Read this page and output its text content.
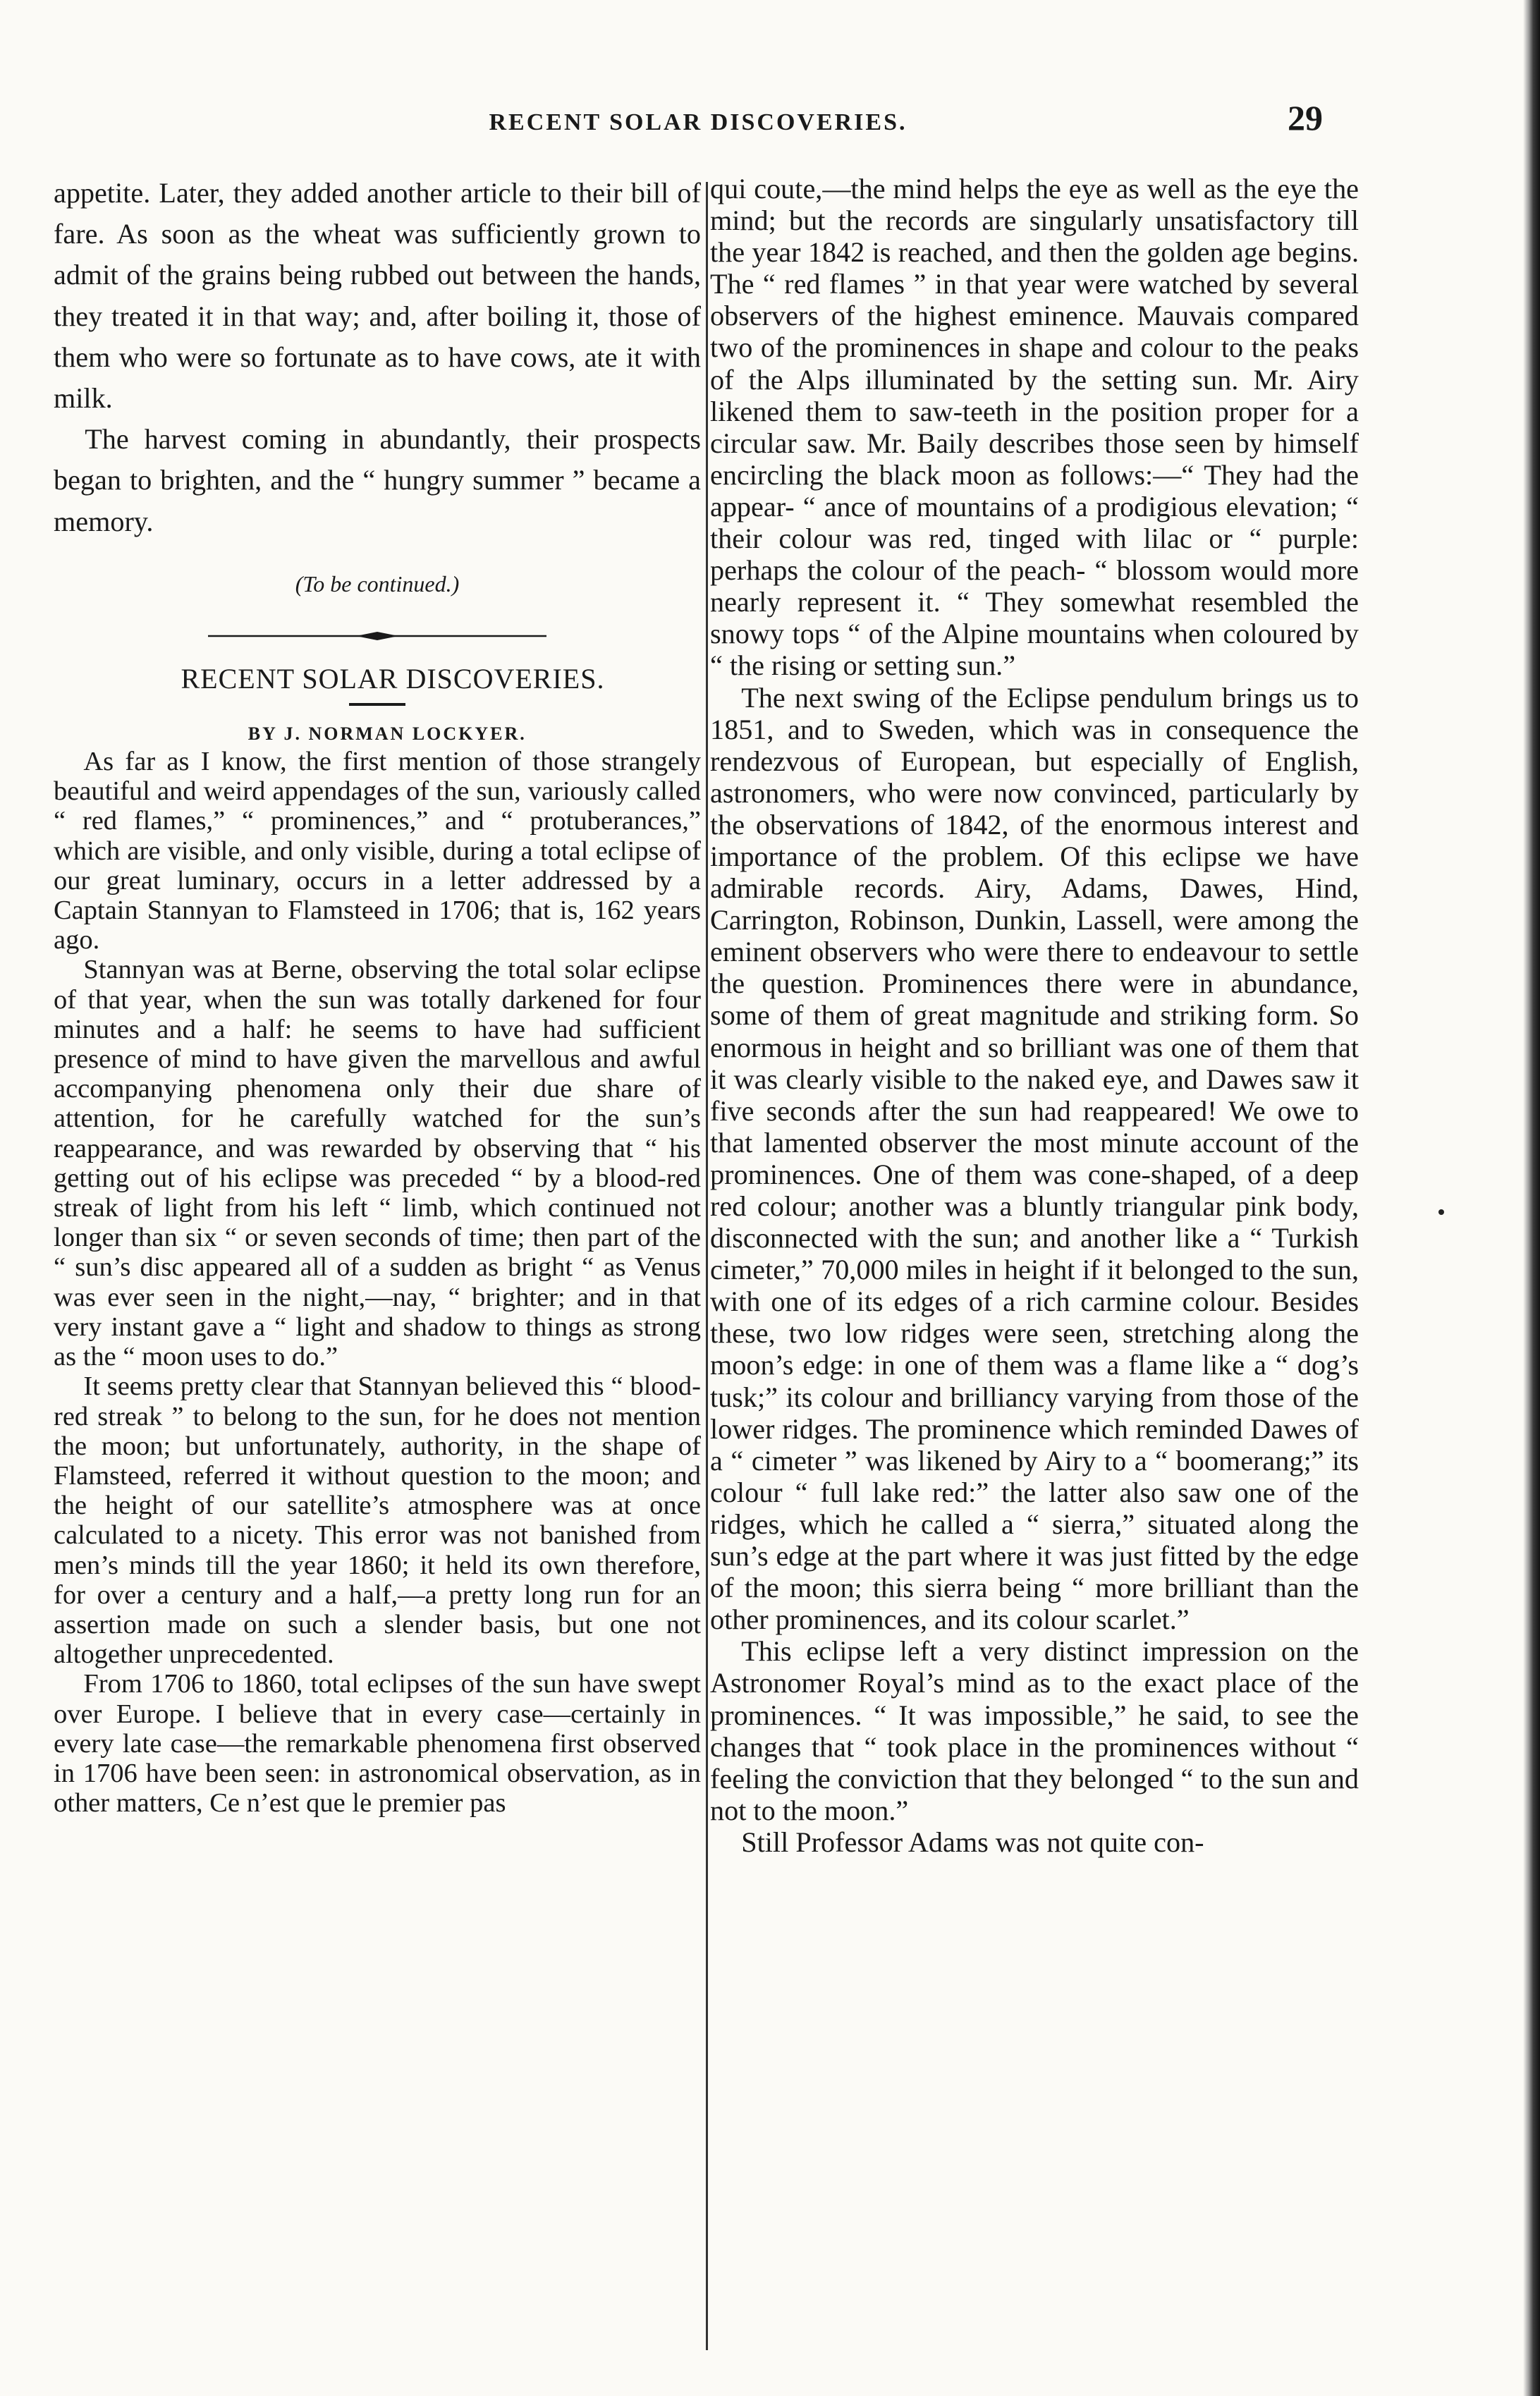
RECENT SOLAR DISCOVERIES.	29

appetite. Later, they added another article to their bill of fare. As soon as the wheat was sufficiently grown to admit of the grains being rubbed out between the hands, they treated it in that way; and, after boiling it, those of them who were so fortunate as to have cows, ate it with milk.

The harvest coming in abundantly, their prospects began to brighten, and the “ hungry summer ” became a memory.

(To be continued.)

RECENT SOLAR DISCOVERIES.

BY J. NORMAN LOCKYER.

As far as I know, the first mention of those strangely beautiful and weird appendages of the sun, variously called “ red flames,” “ prominences,” and “ protuberances,” which are visible, and only visible, during a total eclipse of our great luminary, occurs in a letter addressed by a Captain Stannyan to Flamsteed in 1706; that is, 162 years ago.

Stannyan was at Berne, observing the total solar eclipse of that year, when the sun was totally darkened for four minutes and a half: he seems to have had sufficient presence of mind to have given the marvellous and awful accompanying phenomena only their due share of attention, for he carefully watched for the sun’s reappearance, and was rewarded by observing that “ his getting out of his eclipse was preceded “ by a blood-red streak of light from his left “ limb, which continued not longer than six “ or seven seconds of time; then part of the “ sun’s disc appeared all of a sudden as bright “ as Venus was ever seen in the night,—nay, “ brighter; and in that very instant gave a “ light and shadow to things as strong as the “ moon uses to do.”

It seems pretty clear that Stannyan believed this “ blood-red streak ” to belong to the sun, for he does not mention the moon; but unfortunately, authority, in the shape of Flamsteed, referred it without question to the moon; and the height of our satellite’s atmosphere was at once calculated to a nicety. This error was not banished from men’s minds till the year 1860; it held its own therefore, for over a century and a half,—a pretty long run for an assertion made on such a slender basis, but one not altogether unprecedented.

From 1706 to 1860, total eclipses of the sun have swept over Europe. I believe that in every case—certainly in every late case—the remarkable phenomena first observed in 1706 have been seen: in astronomical observation, as in other matters, Ce n’est que le premier pas

qui coute,—the mind helps the eye as well as the eye the mind; but the records are singularly unsatisfactory till the year 1842 is reached, and then the golden age begins. The “ red flames ” in that year were watched by several observers of the highest eminence. Mauvais compared two of the prominences in shape and colour to the peaks of the Alps illuminated by the setting sun. Mr. Airy likened them to saw-teeth in the position proper for a circular saw. Mr. Baily describes those seen by himself encircling the black moon as follows:—“ They had the appear- “ ance of mountains of a prodigious elevation; “ their colour was red, tinged with lilac or “ purple: perhaps the colour of the peach- “ blossom would more nearly represent it. “ They somewhat resembled the snowy tops “ of the Alpine mountains when coloured by “ the rising or setting sun.”

The next swing of the Eclipse pendulum brings us to 1851, and to Sweden, which was in consequence the rendezvous of European, but especially of English, astronomers, who were now convinced, particularly by the observations of 1842, of the enormous interest and importance of the problem. Of this eclipse we have admirable records. Airy, Adams, Dawes, Hind, Carrington, Robinson, Dunkin, Lassell, were among the eminent observers who were there to endeavour to settle the question. Prominences there were in abundance, some of them of great magnitude and striking form. So enormous in height and so brilliant was one of them that it was clearly visible to the naked eye, and Dawes saw it five seconds after the sun had reappeared! We owe to that lamented observer the most minute account of the prominences. One of them was cone-shaped, of a deep red colour; another was a bluntly triangular pink body, disconnected with the sun; and another like a “ Turkish cimeter,” 70,000 miles in height if it belonged to the sun, with one of its edges of a rich carmine colour. Besides these, two low ridges were seen, stretching along the moon’s edge: in one of them was a flame like a “ dog’s tusk;” its colour and brilliancy varying from those of the lower ridges. The prominence which reminded Dawes of a “ cimeter ” was likened by Airy to a “ boomerang;” its colour “ full lake red:” the latter also saw one of the ridges, which he called a “ sierra,” situated along the sun’s edge at the part where it was just fitted by the edge of the moon; this sierra being “ more brilliant than the other prominences, and its colour scarlet.”

This eclipse left a very distinct impression on the Astronomer Royal’s mind as to the exact place of the prominences. “ It was impossible,” he said, to see the changes that “ took place in the prominences without “ feeling the conviction that they belonged “ to the sun and not to the moon.”

Still Professor Adams was not quite con-
